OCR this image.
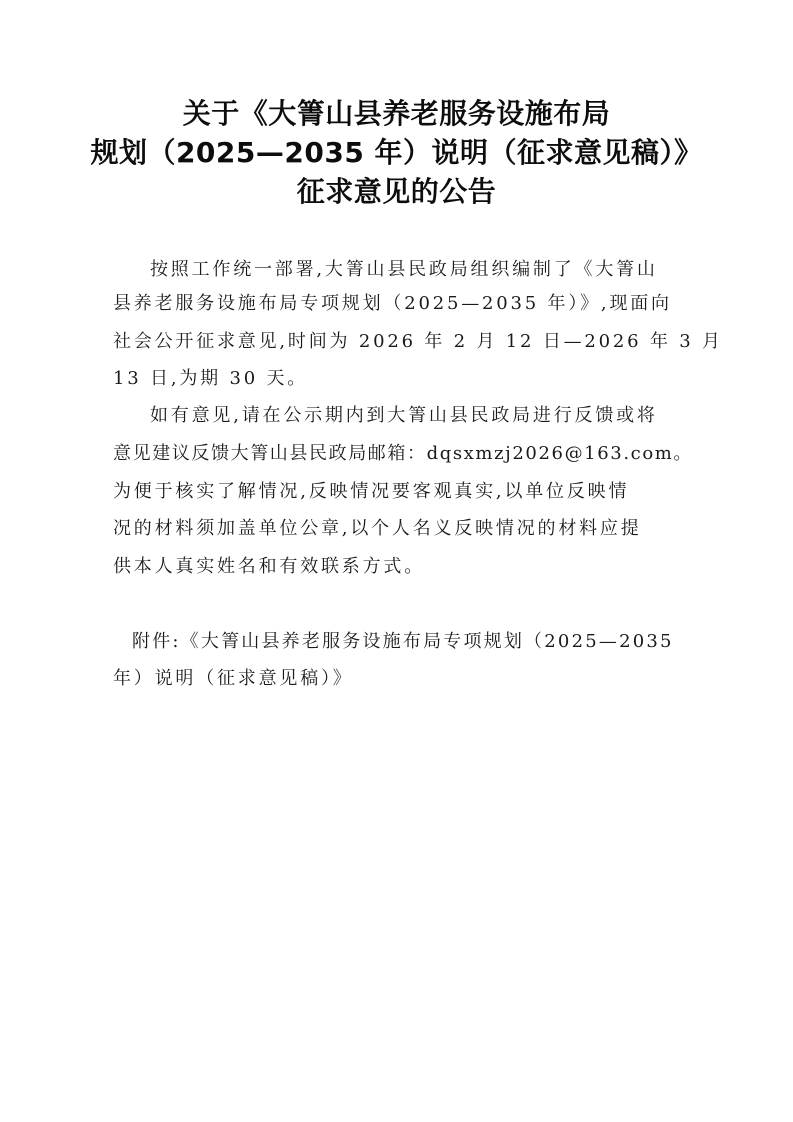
关于《大箐山县养老服务设施布局
规划（2025—2035 年）说明（征求意见稿）》
征求意见的公告
按照工作统一部署,大箐山县民政局组织编制了《大箐山
县养老服务设施布局专项规划（2025—2035 年）》,现面向
社会公开征求意见,时间为 2026 年 2 月 12 日—2026 年 3 月
13 日,为期 30 天。
如有意见,请在公示期内到大箐山县民政局进行反馈或将
意见建议反馈大箐山县民政局邮箱：dqsxmzj2026@163.com。
为便于核实了解情况,反映情况要客观真实,以单位反映情
况的材料须加盖单位公章,以个人名义反映情况的材料应提
供本人真实姓名和有效联系方式。
附件:《大箐山县养老服务设施布局专项规划（2025—2035
年）说明（征求意见稿）》
